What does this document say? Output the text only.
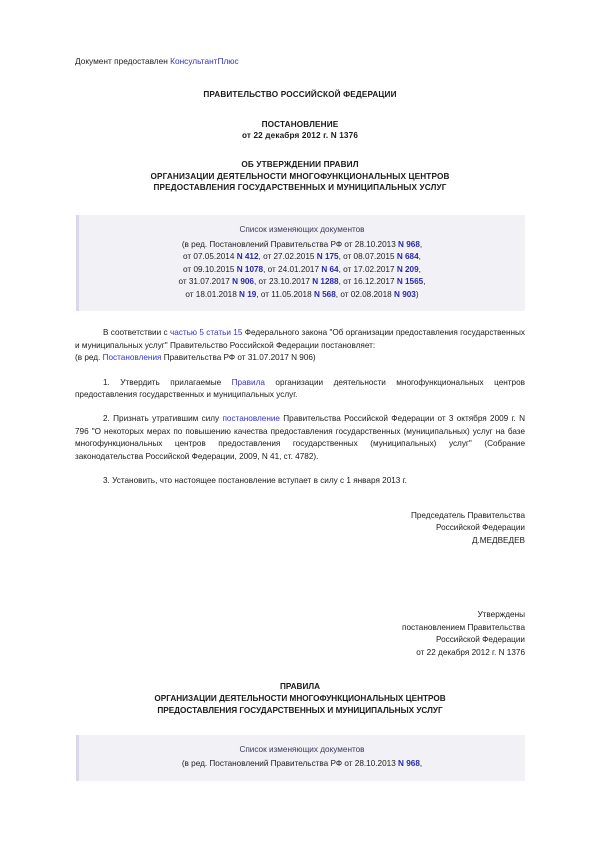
Документ предоставлен КонсультантПлюс
ПРАВИТЕЛЬСТВО РОССИЙСКОЙ ФЕДЕРАЦИИ
ПОСТАНОВЛЕНИЕ
от 22 декабря 2012 г. N 1376
ОБ УТВЕРЖДЕНИИ ПРАВИЛ
ОРГАНИЗАЦИИ ДЕЯТЕЛЬНОСТИ МНОГОФУНКЦИОНАЛЬНЫХ ЦЕНТРОВ
ПРЕДОСТАВЛЕНИЯ ГОСУДАРСТВЕННЫХ И МУНИЦИПАЛЬНЫХ УСЛУГ
Список изменяющих документов
(в ред. Постановлений Правительства РФ от 28.10.2013 N 968,
от 07.05.2014 N 412, от 27.02.2015 N 175, от 08.07.2015 N 684,
от 09.10.2015 N 1078, от 24.01.2017 N 64, от 17.02.2017 N 209,
от 31.07.2017 N 906, от 23.10.2017 N 1288, от 16.12.2017 N 1565,
от 18.01.2018 N 19, от 11.05.2018 N 568, от 02.08.2018 N 903)

В соответствии с частью 5 статьи 15 Федерального закона "Об организации предоставления государственных и муниципальных услуг" Правительство Российской Федерации постановляет:

(в ред. Постановления Правительства РФ от 31.07.2017 N 906)

1. Утвердить прилагаемые Правила организации деятельности многофункциональных центров предоставления государственных и муниципальных услуг.

2. Признать утратившим силу постановление Правительства Российской Федерации от 3 октября 2009 г. N 796 "О некоторых мерах по повышению качества предоставления государственных (муниципальных) услуг на базе многофункциональных центров предоставления государственных (муниципальных) услуг" (Собрание законодательства Российской Федерации, 2009, N 41, ст. 4782).

3. Установить, что настоящее постановление вступает в силу с 1 января 2013 г.

Председатель Правительства
Российской Федерации
Д.МЕДВЕДЕВ
Утверждены
постановлением Правительства
Российской Федерации
от 22 декабря 2012 г. N 1376
ПРАВИЛА
ОРГАНИЗАЦИИ ДЕЯТЕЛЬНОСТИ МНОГОФУНКЦИОНАЛЬНЫХ ЦЕНТРОВ
ПРЕДОСТАВЛЕНИЯ ГОСУДАРСТВЕННЫХ И МУНИЦИПАЛЬНЫХ УСЛУГ
Список изменяющих документов
(в ред. Постановлений Правительства РФ от 28.10.2013 N 968,
